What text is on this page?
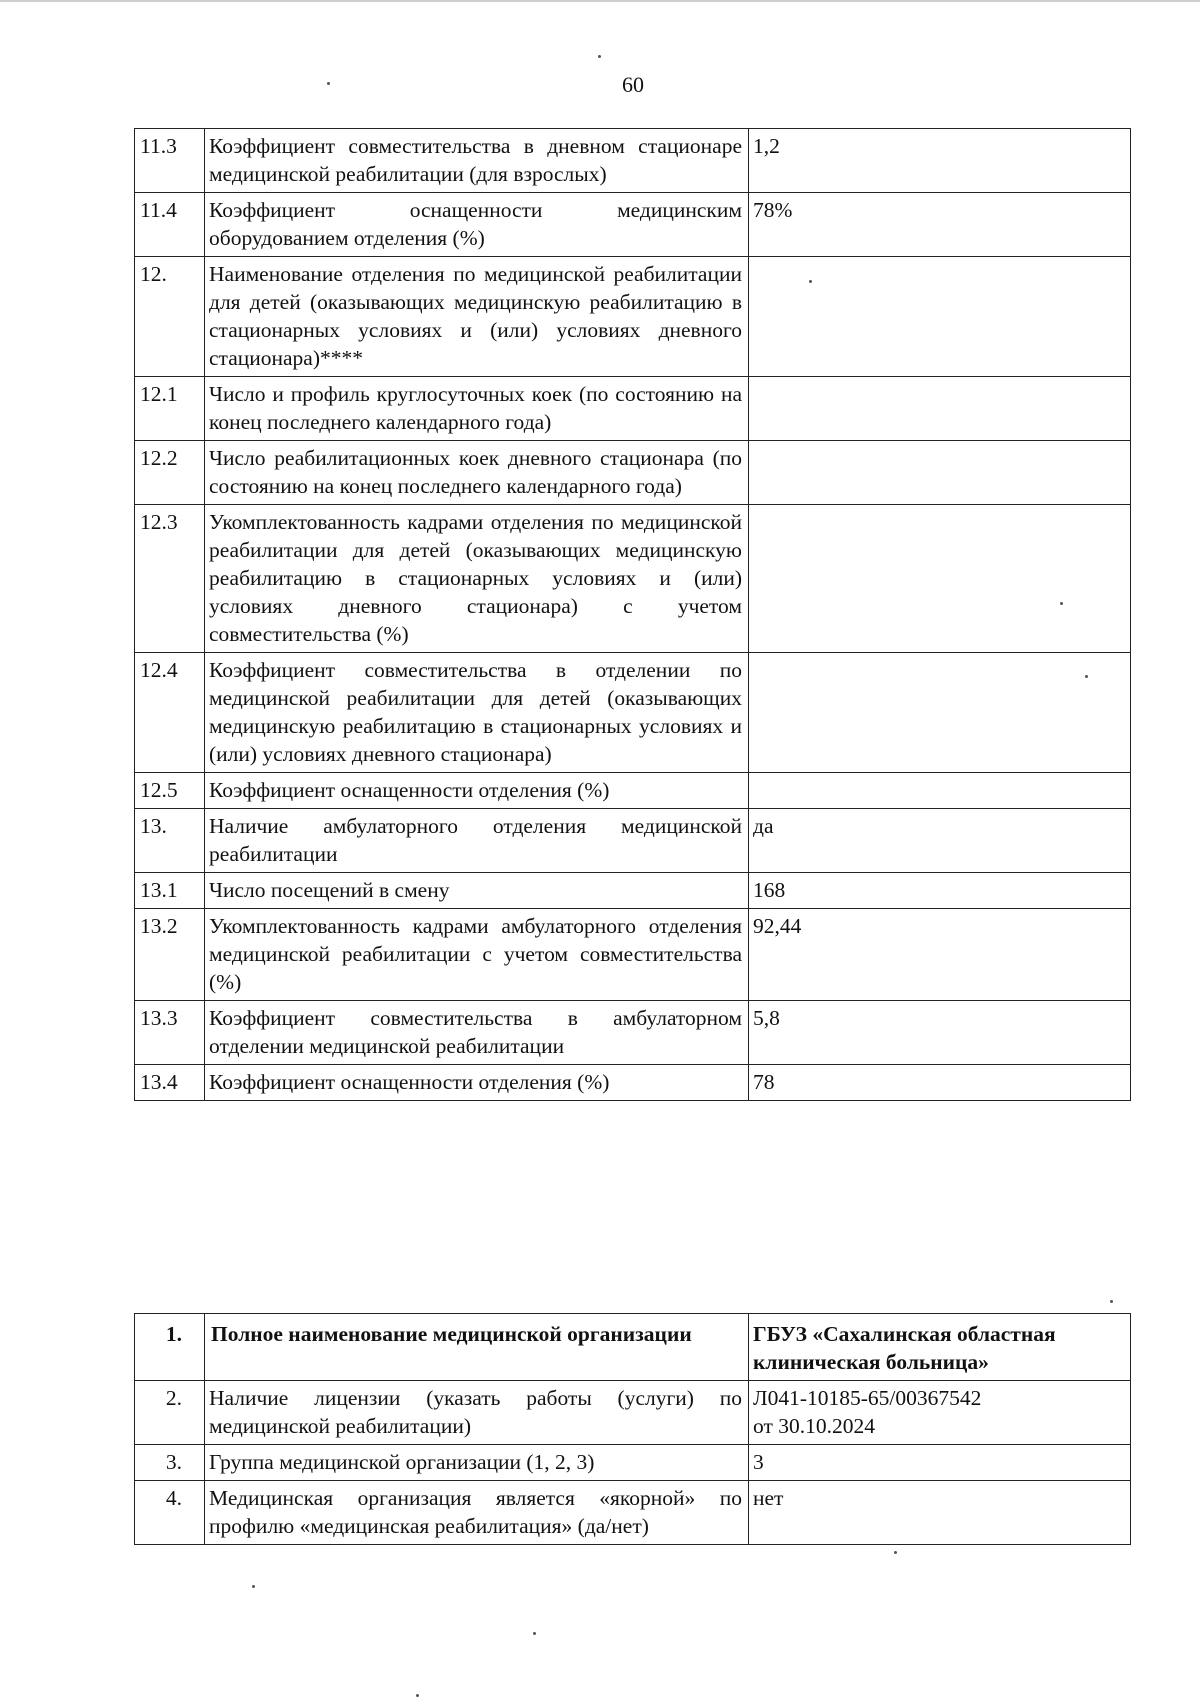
60
11.3	Коэффициент совместительства в дневном стационаре медицинской реабилитации (для взрослых)	1,2
11.4	Коэффициент оснащенности медицинским оборудованием отделения (%)	78%
12.	Наименование отделения по медицинской реабилитации для детей (оказывающих медицинскую реабилитацию в стационарных условиях и (или) условиях дневного стационара)****	
12.1	Число и профиль круглосуточных коек (по состоянию на конец последнего календарного года)	
12.2	Число реабилитационных коек дневного стационара (по состоянию на конец последнего календарного года)	
12.3	Укомплектованность кадрами отделения по медицинской реабилитации для детей (оказывающих медицинскую реабилитацию в стационарных условиях и (или) условиях дневного стационара) с учетом совместительства (%)	
12.4	Коэффициент совместительства в отделении по медицинской реабилитации для детей (оказывающих медицинскую реабилитацию в стационарных условиях и (или) условиях дневного стационара)	
12.5	Коэффициент оснащенности отделения (%)	
13.	Наличие амбулаторного отделения медицинской реабилитации	да
13.1	Число посещений в смену	168
13.2	Укомплектованность кадрами амбулаторного отделения медицинской реабилитации с учетом совместительства (%)	92,44
13.3	Коэффициент совместительства в амбулаторном отделении медицинской реабилитации	5,8
13.4	Коэффициент оснащенности отделения (%)	78
1.	Полное наименование медицинской организации	ГБУЗ «Сахалинская областная клиническая больница»
2.	Наличие лицензии (указать работы (услуги) по медицинской реабилитации)	Л041-10185-65/00367542
от 30.10.2024

3.	Группа медицинской организации (1, 2, 3)	3
4.	Медицинская организация является «якорной» по профилю «медицинская реабилитация» (да/нет)	нет
